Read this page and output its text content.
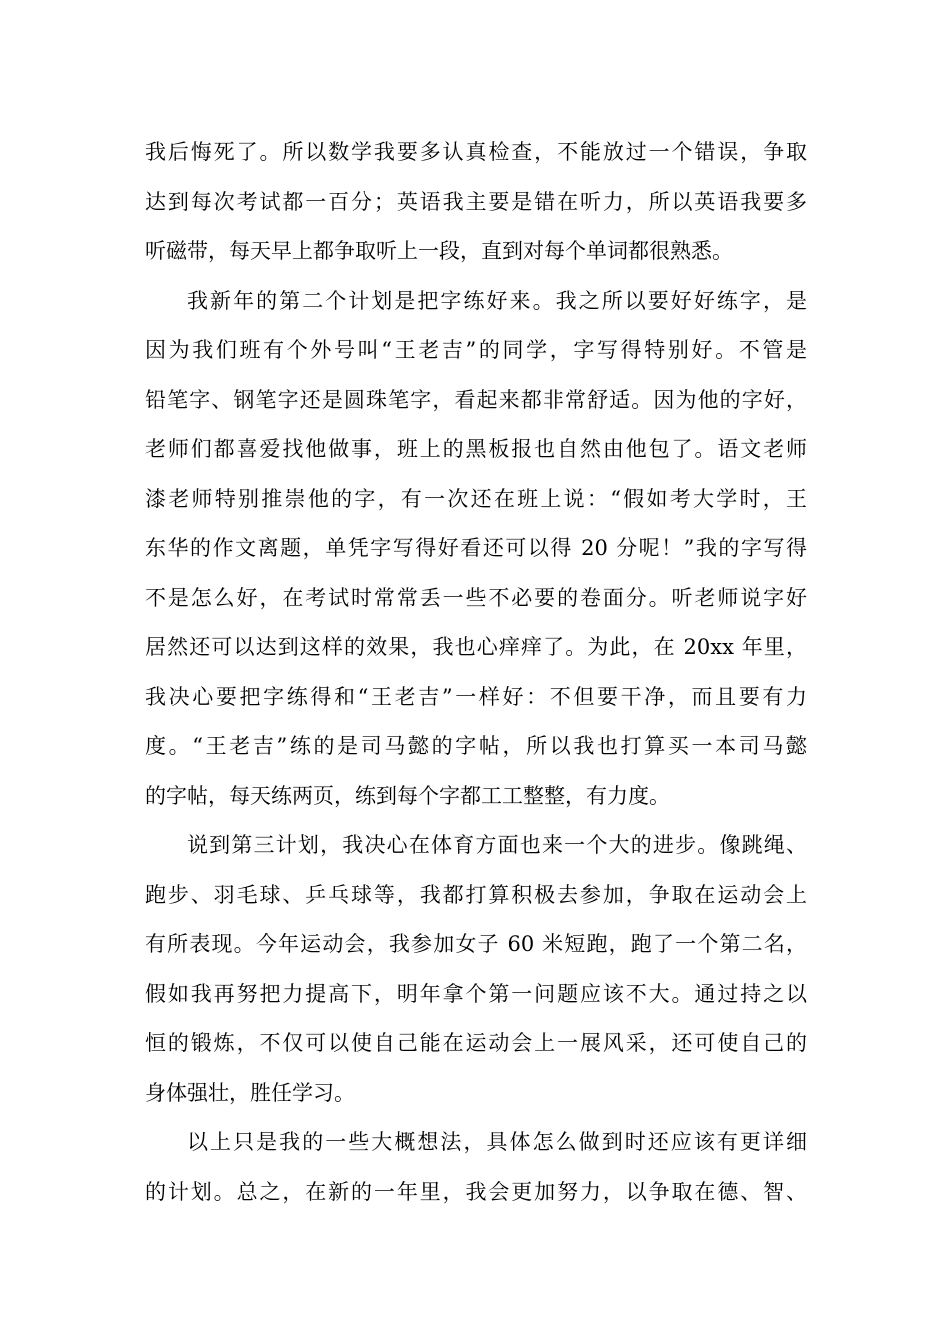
我后悔死了。所以数学我要多认真检查，不能放过一个错误，争取
达到每次考试都一百分；英语我主要是错在听力，所以英语我要多
听磁带，每天早上都争取听上一段，直到对每个单词都很熟悉。
我新年的第二个计划是把字练好来。我之所以要好好练字，是
因为我们班有个外号叫“王老吉”的同学，字写得特别好。不管是
铅笔字、钢笔字还是圆珠笔字，看起来都非常舒适。因为他的字好，
老师们都喜爱找他做事，班上的黑板报也自然由他包了。语文老师
漆老师特别推崇他的字，有一次还在班上说：“假如考大学时，王
东华的作文离题，单凭字写得好看还可以得 20 分呢！”我的字写得
不是怎么好，在考试时常常丢一些不必要的卷面分。听老师说字好
居然还可以达到这样的效果，我也心痒痒了。为此，在 20xx 年里，
我决心要把字练得和“王老吉”一样好：不但要干净，而且要有力
度。“王老吉”练的是司马懿的字帖，所以我也打算买一本司马懿
的字帖，每天练两页，练到每个字都工工整整，有力度。
说到第三计划，我决心在体育方面也来一个大的进步。像跳绳、
跑步、羽毛球、乒乓球等，我都打算积极去参加，争取在运动会上
有所表现。今年运动会，我参加女子 60 米短跑，跑了一个第二名，
假如我再努把力提高下，明年拿个第一问题应该不大。通过持之以
恒的锻炼，不仅可以使自己能在运动会上一展风采，还可使自己的
身体强壮，胜任学习。
以上只是我的一些大概想法，具体怎么做到时还应该有更详细
的计划。总之，在新的一年里，我会更加努力，以争取在德、智、
